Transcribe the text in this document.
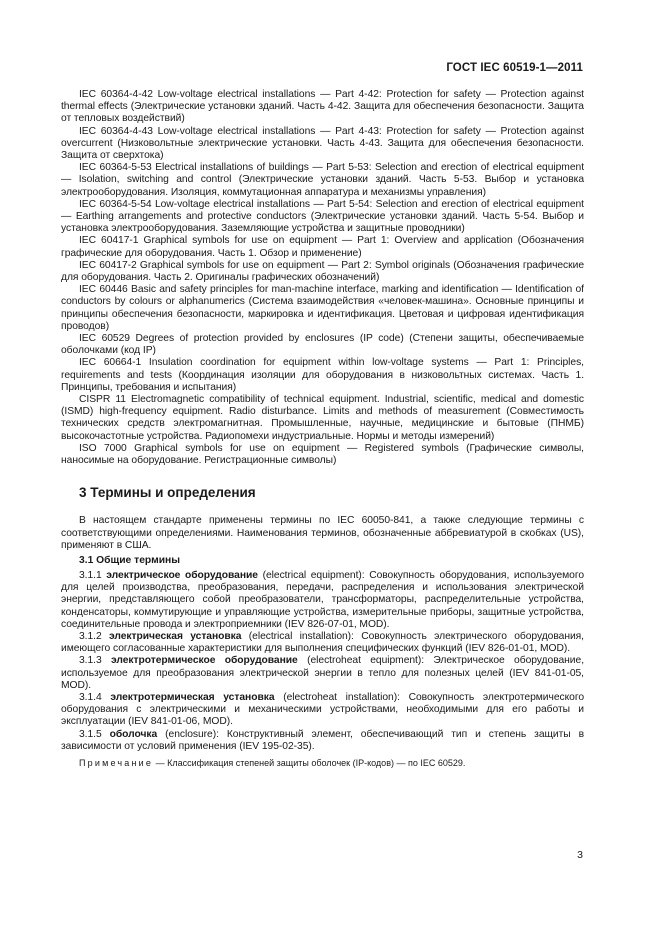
ГОСТ IEC 60519-1—2011

IEC 60364-4-42 Low-voltage electrical installations — Part 4-42: Protection for safety — Protection against thermal effects (Электрические установки зданий. Часть 4-42. Защита для обеспечения безопасности. Защита от тепловых воздействий)

IEC 60364-4-43 Low-voltage electrical installations — Part 4-43: Protection for safety — Protection against overcurrent (Низковольтные электрические установки. Часть 4-43. Защита для обеспечения безопасности. Защита от сверхтока)

IEC 60364-5-53 Electrical installations of buildings — Part 5-53: Selection and erection of electrical equipment — Isolation, switching and control (Электрические установки зданий. Часть 5-53. Выбор и установка электрооборудования. Изоляция, коммутационная аппаратура и механизмы управления)

IEC 60364-5-54 Low-voltage electrical installations — Part 5-54: Selection and erection of electrical equipment — Earthing arrangements and protective conductors (Электрические установки зданий. Часть 5-54. Выбор и установка электрооборудования. Заземляющие устройства и защитные проводники)

IEC 60417-1 Graphical symbols for use on equipment — Part 1: Overview and application (Обозначения графические для оборудования. Часть 1. Обзор и применение)

IEC 60417-2 Graphical symbols for use on equipment — Part 2: Symbol originals (Обозначения графические для оборудования. Часть 2. Оригиналы графических обозначений)

IEC 60446 Basic and safety principles for man-machine interface, marking and identification — Identification of conductors by colours or alphanumerics (Система взаимодействия «человек-машина». Основные принципы и принципы обеспечения безопасности, маркировка и идентификация. Цветовая и цифровая идентификация проводов)

IEC 60529 Degrees of protection provided by enclosures (IP code) (Степени защиты, обеспечиваемые оболочками (код IP)

IEC 60664-1 Insulation coordination for equipment within low-voltage systems — Part 1: Principles, requirements and tests (Координация изоляции для оборудования в низковольтных системах. Часть 1. Принципы, требования и испытания)

CISPR 11 Electromagnetic compatibility of technical equipment. Industrial, scientific, medical and domestic (ISMD) high-frequency equipment. Radio disturbance. Limits and methods of measurement (Совместимость технических средств электромагнитная. Промышленные, научные, медицинские и бытовые (ПНМБ) высокочастотные устройства. Радиопомехи индустриальные. Нормы и методы измерений)

ISO 7000 Graphical symbols for use on equipment — Registered symbols (Графические символы, наносимые на оборудование. Регистрационные символы)

3 Термины и определения

В настоящем стандарте применены термины по IEC 60050-841, а также следующие термины с соответствующими определениями. Наименования терминов, обозначенные аббревиатурой в скобках (US), применяют в США.

3.1 Общие термины

3.1.1 электрическое оборудование (electrical equipment): Совокупность оборудования, используемого для целей производства, преобразования, передачи, распределения и использования электрической энергии, представляющего собой преобразователи, трансформаторы, распределительные устройства, конденсаторы, коммутирующие и управляющие устройства, измерительные приборы, защитные устройства, соединительные провода и электроприемники (IEV 826-07-01, MOD).

3.1.2 электрическая установка (electrical installation): Совокупность электрического оборудования, имеющего согласованные характеристики для выполнения специфических функций (IEV 826-01-01, MOD).

3.1.3 электротермическое оборудование (electroheat equipment): Электрическое оборудование, используемое для преобразования электрической энергии в тепло для полезных целей (IEV 841-01-05, MOD).

3.1.4 электротермическая установка (electroheat installation): Совокупность электротермического оборудования с электрическими и механическими устройствами, необходимыми для его работы и эксплуатации (IEV 841-01-06, MOD).

3.1.5 оболочка (enclosure): Конструктивный элемент, обеспечивающий тип и степень защиты в зависимости от условий применения (IEV 195-02-35).

Примечание — Классификация степеней защиты оболочек (IP-кодов) — по IEC 60529.

3
